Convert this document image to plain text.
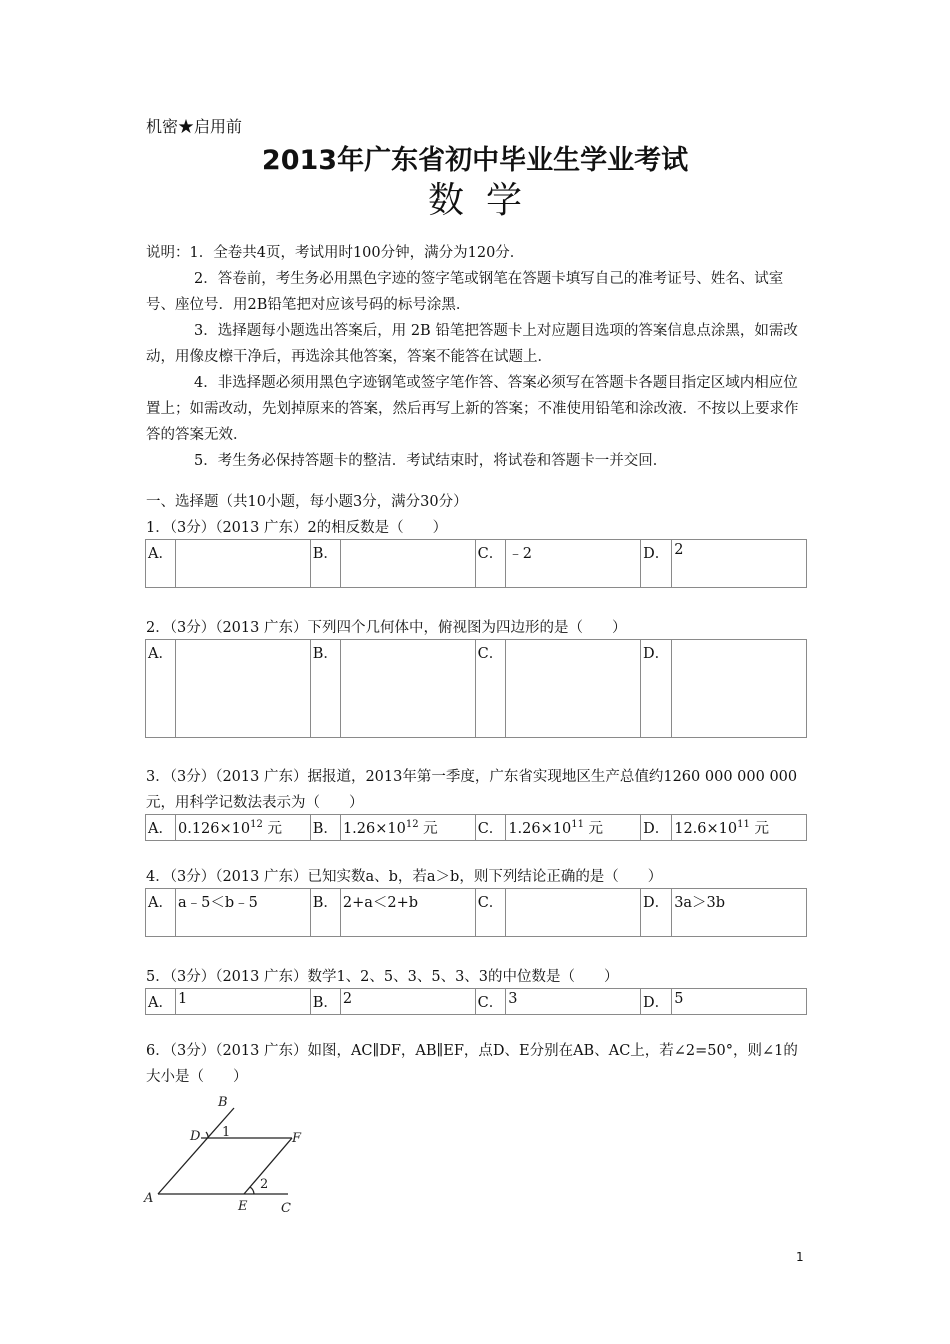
机密★启用前
2013年广东省初中毕业生学业考试
数学

说明：1．全卷共4页，考试用时100分钟，满分为120分．

2．答卷前，考生务必用黑色字迹的签字笔或钢笔在答题卡填写自己的准考证号、姓名、试室号、座位号．用2B铅笔把对应该号码的标号涂黑．

3．选择题每小题选出答案后，用 2B 铅笔把答题卡上对应题目选项的答案信息点涂黑，如需改动，用像皮檫干净后，再选涂其他答案，答案不能答在试题上．

4．非选择题必须用黑色字迹钢笔或签字笔作答、答案必须写在答题卡各题目指定区域内相应位置上；如需改动，先划掉原来的答案，然后再写上新的答案；不准使用铅笔和涂改液．不按以上要求作答的答案无效．

5．考生务必保持答题卡的整洁．考试结束时，将试卷和答题卡一并交回．

一、选择题（共10小题，每小题3分，满分30分）
1．（3分）（2013 广东）2的相反数是（　　）
A．		B．		C．	﹣2	D．	2
2．（3分）（2013 广东）下列四个几何体中，俯视图为四边形的是（　　）
A．		B．		C．		D．	
3．（3分）（2013 广东）据报道，2013年第一季度，广东省实现地区生产总值约1260 000 000 000元，用科学记数法表示为（　　）
A．	$0.126\times 10^{12}$ 元	B．	$1.26\times 10^{12}$ 元	C．	$1.26\times 10^{11}$ 元	D．	$12.6\times 10^{11}$ 元
4．（3分）（2013 广东）已知实数a、b，若a＞b，则下列结论正确的是（　　）
A．	a﹣5＜b﹣5	B．	2+a＜2+b	C．		D．	3a＞3b
5．（3分）（2013 广东）数学1、2、5、3、5、3、3的中位数是（　　）
A．	1	B．	2	C．	3	D．	5
6．（3分）（2013 广东）如图，AC∥DF，AB∥EF，点D、E分别在AB、AC上，若∠2=50°，则∠1的大小是（　　）
B
D	F
A
E	C
1
2
1
